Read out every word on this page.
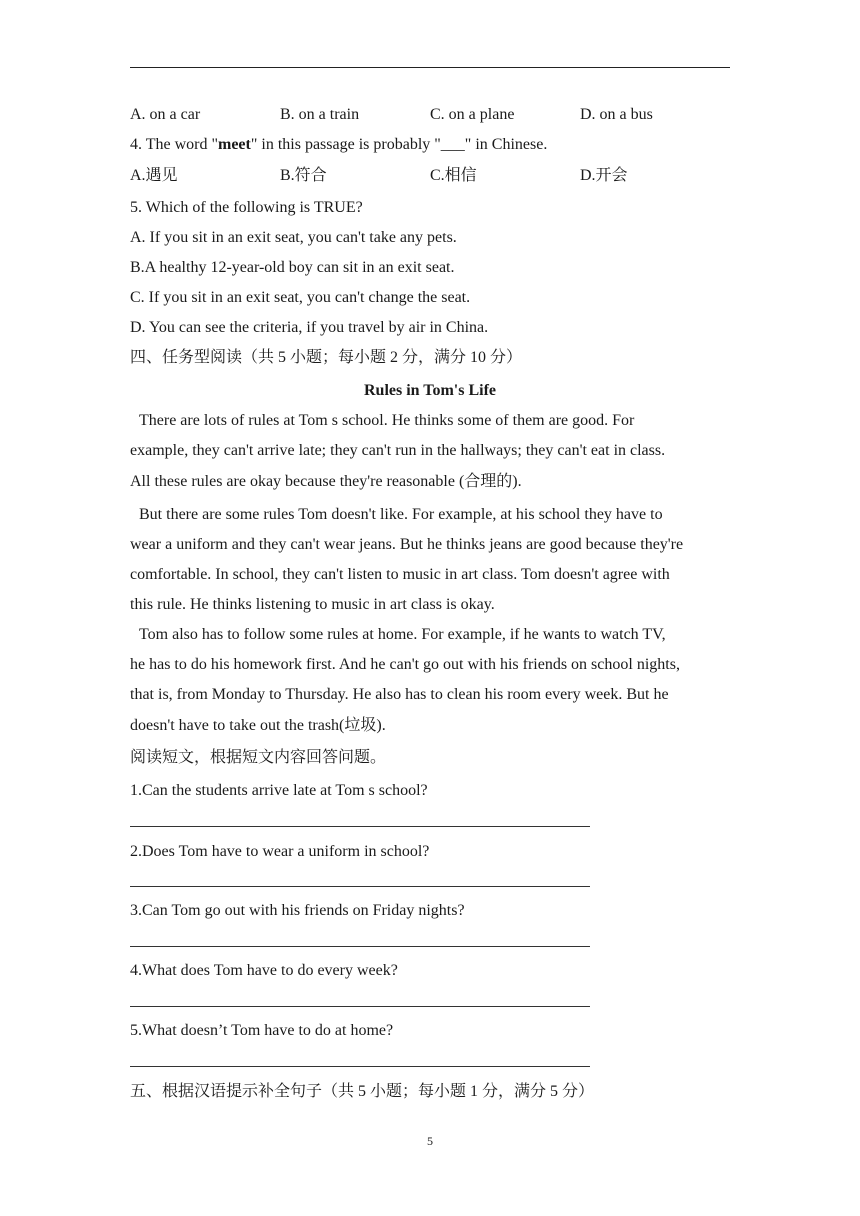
A. on a car	B. on a train	C. on a plane	D. on a bus
4. The word "meet" in this passage is probably "___" in Chinese.
A.遇见	B.符合	C.相信	D.开会
5. Which of the following is TRUE?
A. If you sit in an exit seat, you can't take any pets.
B.A healthy 12-year-old boy can sit in an exit seat.
C. If you sit in an exit seat, you can't change the seat.
D. You can see the criteria, if you travel by air in China.
四、任务型阅读（共 5 小题；每小题 2 分，满分 10 分）
Rules in Tom's Life
There are lots of rules at Tom s school. He thinks some of them are good. For
example, they can't arrive late; they can't run in the hallways; they can't eat in class.
All these rules are okay because they're reasonable (合理的).
But there are some rules Tom doesn't like. For example, at his school they have to
wear a uniform and they can't wear jeans. But he thinks jeans are good because they're
comfortable. In school, they can't listen to music in art class. Tom doesn't agree with
this rule. He thinks listening to music in art class is okay.
Tom also has to follow some rules at home. For example, if he wants to watch TV,
he has to do his homework first. And he can't go out with his friends on school nights,
that is, from Monday to Thursday. He also has to clean his room every week. But he
doesn't have to take out the trash(垃圾).
阅读短文，根据短文内容回答问题。
1.Can the students arrive late at Tom s school?
2.Does Tom have to wear a uniform in school?
3.Can Tom go out with his friends on Friday nights?
4.What does Tom have to do every week?
5.What doesn’t Tom have to do at home?
五、根据汉语提示补全句子（共 5 小题；每小题 1 分，满分 5 分）
5
